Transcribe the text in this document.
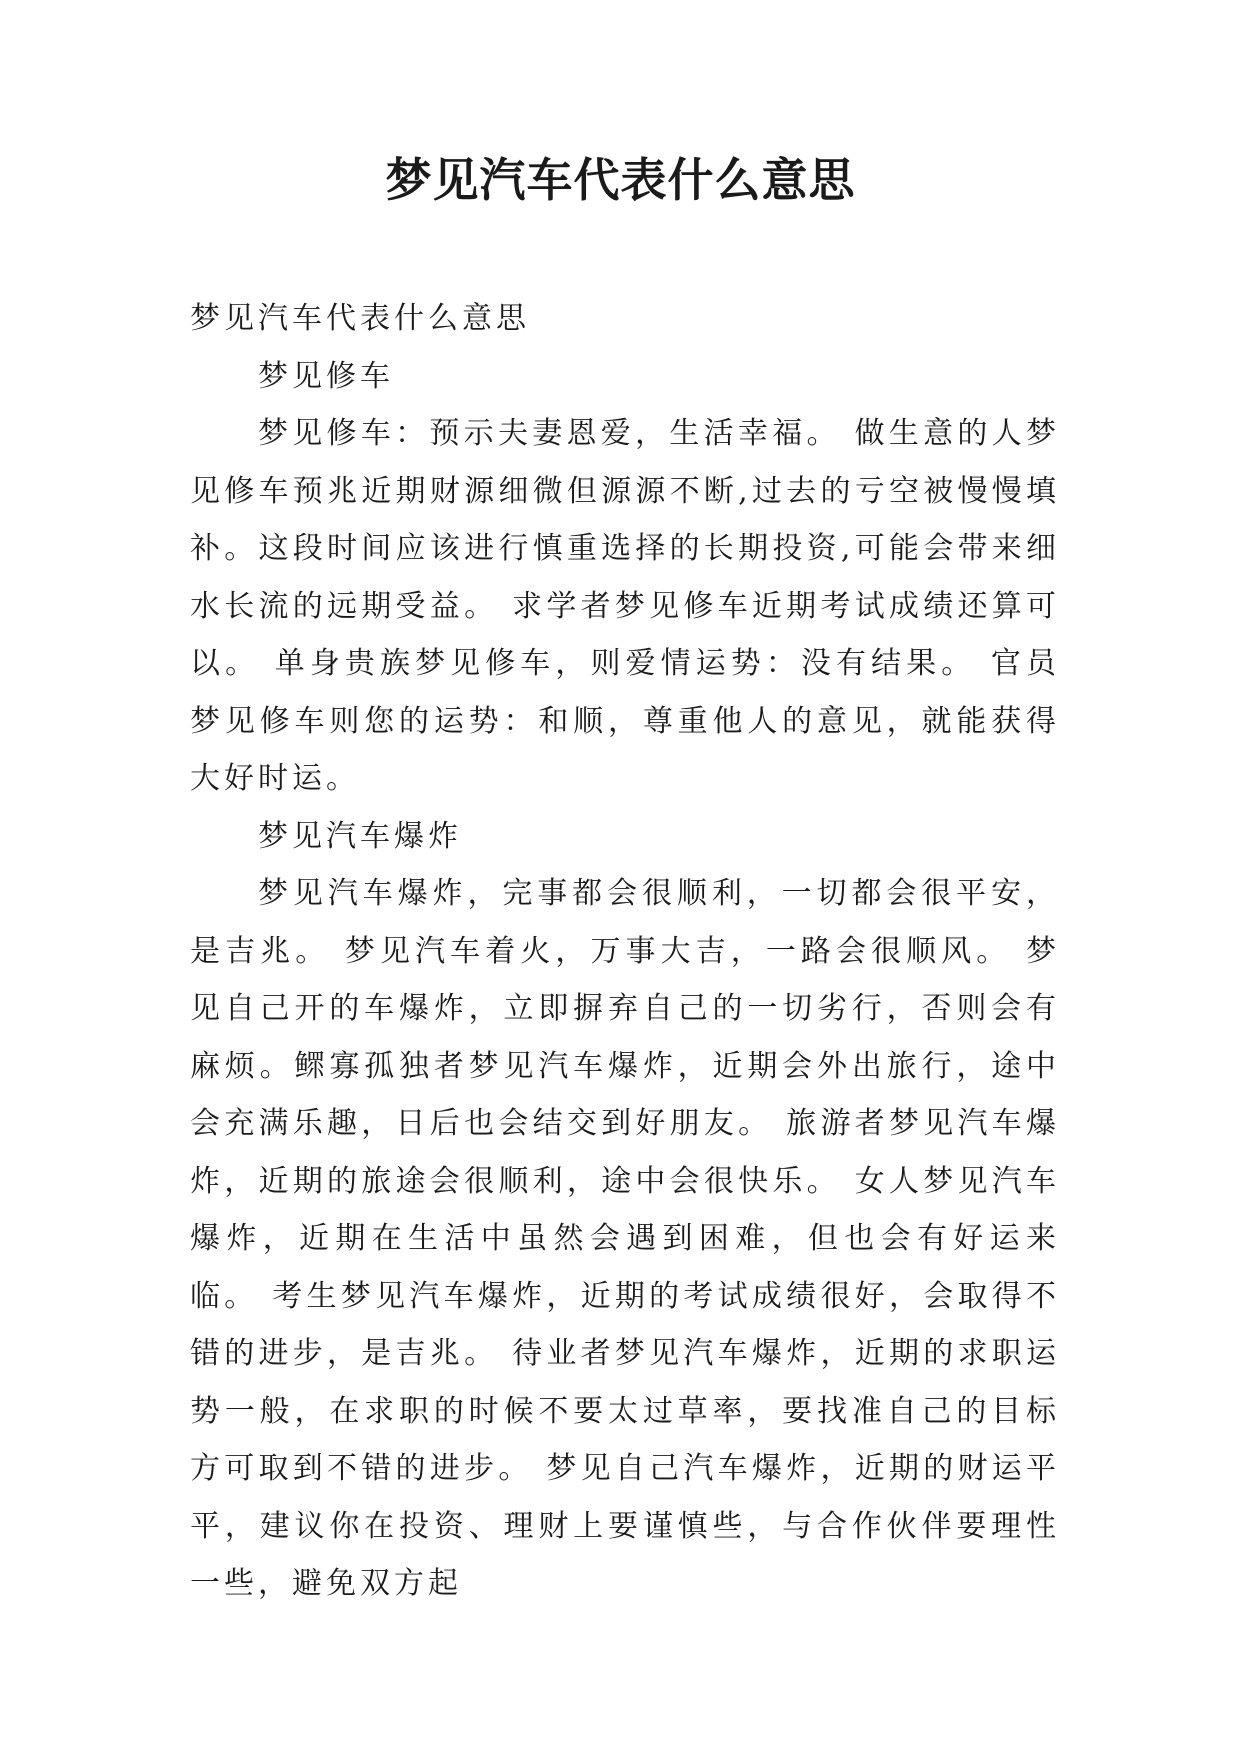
梦见汽车代表什么意思

梦见汽车代表什么意思

梦见修车

梦见修车：预示夫妻恩爱，生活幸福。 做生意的人梦见修车预兆近期财源细微但源源不断,过去的亏空被慢慢填补。这段时间应该进行慎重选择的长期投资,可能会带来细水长流的远期受益。 求学者梦见修车近期考试成绩还算可以。 单身贵族梦见修车，则爱情运势：没有结果。 官员梦见修车则您的运势：和顺，尊重他人的意见，就能获得大好时运。

梦见汽车爆炸

梦见汽车爆炸，完事都会很顺利，一切都会很平安，是吉兆。 梦见汽车着火，万事大吉，一路会很顺风。 梦见自己开的车爆炸，立即摒弃自己的一切劣行，否则会有麻烦。鳏寡孤独者梦见汽车爆炸，近期会外出旅行，途中会充满乐趣，日后也会结交到好朋友。 旅游者梦见汽车爆炸，近期的旅途会很顺利，途中会很快乐。 女人梦见汽车爆炸，近期在生活中虽然会遇到困难，但也会有好运来临。 考生梦见汽车爆炸，近期的考试成绩很好，会取得不错的进步，是吉兆。 待业者梦见汽车爆炸，近期的求职运势一般，在求职的时候不要太过草率，要找准自己的目标方可取到不错的进步。 梦见自己汽车爆炸，近期的财运平平，建议你在投资、理财上要谨慎些，与合作伙伴要理性一些，避免双方起
